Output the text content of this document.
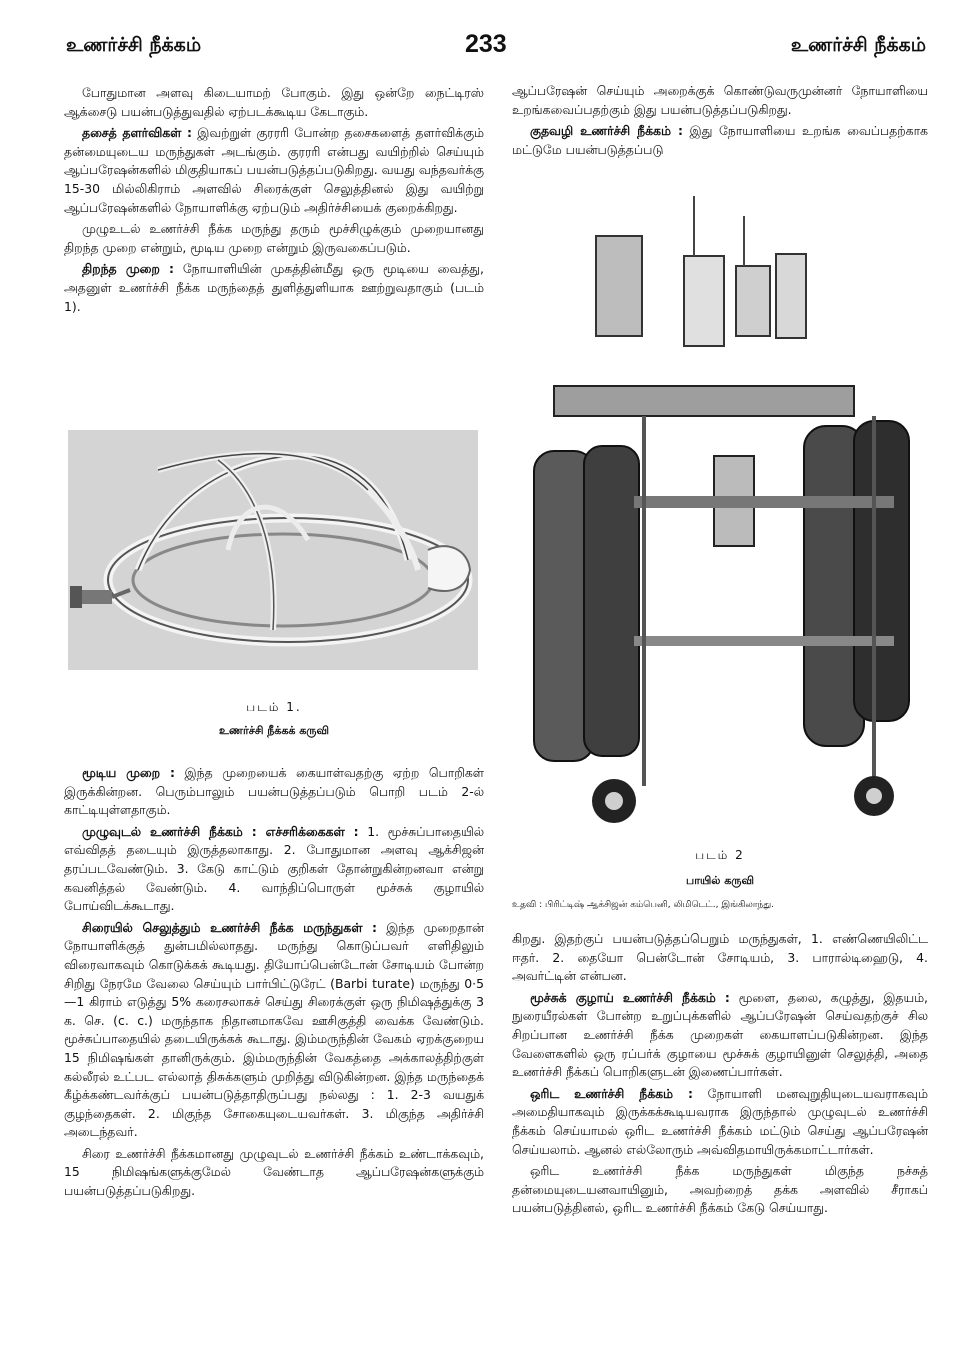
உணர்ச்சி நீக்கம்	233	உணர்ச்சி நீக்கம்

போதுமான அளவு கிடையாமற் போகும். இது ஒன்றே நைட்டிரஸ் ஆக்சைடு பயன்படுத்துவதில் ஏற்படக்கூடிய கேடாகும்.

தசைத் தளர்விகள் : இவற்றுள் குரரரி போன்ற தசைகளைத் தளர்விக்கும் தன்மையுடைய மருந்துகள் அடங்கும். குரரரி என்பது வயிற்றில் செய்யும் ஆப்பரேஷன்களில் மிகுதியாகப் பயன்படுத்தப்படுகிறது. வயது வந்தவர்க்கு 15-30 மில்லிகிராம் அளவில் சிரைக்குள் செலுத்தினல் இது வயிற்று ஆப்பரேஷன்களில் நோயாளிக்கு ஏற்படும் அதிர்ச்சியைக் குறைக்கிறது.

முழுஉடல் உணர்ச்சி நீக்க மருந்து தரும் மூச்சிழுக்கும் முறையானது திறந்த முறை என்றும், மூடிய முறை என்றும் இருவகைப்படும்.

திறந்த முறை : நோயாளியின் முகத்தின்மீது ஒரு மூடியை வைத்து, அதனுள் உணர்ச்சி நீக்க மருந்தைத் துளித்துளியாக ஊற்றுவதாகும் (படம் 1).

படம் 1.
உணர்ச்சி நீக்கக் கருவி

மூடிய முறை : இந்த முறையைக் கையாள்வதற்கு ஏற்ற பொறிகள் இருக்கின்றன. பெரும்பாலும் பயன்படுத்தப்படும் பொறி படம் 2-ல் காட்டியுள்ளதாகும்.

முழுவுடல் உணர்ச்சி நீக்கம் : எச்சரிக்கைகள் : 1. மூச்சுப்பாதையில் எவ்விதத் தடையும் இருத்தலாகாது. 2. போதுமான அளவு ஆக்சிஜன் தரப்படவேண்டும். 3. கேடு காட்டும் குறிகள் தோன்றுகின்றனவா என்று கவனித்தல் வேண்டும். 4. வாந்திப்பொருள் மூச்சுக் குழாயில் போய்விடக்கூடாது.

சிரையில் செலுத்தும் உணர்ச்சி நீக்க மருந்துகள் : இந்த முறைதான் நோயாளிக்குத் துன்பமில்லாதது. மருந்து கொடுப்பவர் எளிதிலும் விரைவாகவும் கொடுக்கக் கூடியது. தியோப்பென்டோன் சோடியம் போன்ற சிறிது நேரமே வேலை செய்யும் பார்பிட்டுரேட் (Barbi turate) மருந்து 0·5—1 கிராம் எடுத்து 5% கரைசலாகச் செய்து சிரைக்குள் ஒரு நிமிஷத்துக்கு 3 க. செ. (c. c.) மருந்தாக நிதானமாகவே ஊசிகுத்தி வைக்க வேண்டும். மூச்சுப்பாதையில் தடையிருக்கக் கூடாது. இம்மருந்தின் வேகம் ஏறக்குறைய 15 நிமிஷங்கள் தானிருக்கும். இம்மருந்தின் வேகத்தை அக்காலத்திற்குள் கல்லீரல் உட்பட எல்லாத் திசுக்களும் முறித்து விடுகின்றன. இந்த மருந்தைக் கீழ்க்கண்டவர்க்குப் பயன்படுத்தாதிருப்பது நல்லது : 1. 2-3 வயதுக் குழந்தைகள். 2. மிகுந்த சோகையுடையவர்கள். 3. மிகுந்த அதிர்ச்சி அடைந்தவர்.

சிரை உணர்ச்சி நீக்கமானது முழுவுடல் உணர்ச்சி நீக்கம் உண்டாக்கவும், 15 நிமிஷங்களுக்குமேல் வேண்டாத ஆப்பரேஷன்களுக்கும் பயன்படுத்தப்படுகிறது.

ஆப்பரேஷன் செய்யும் அறைக்குக் கொண்டுவருமுன்னர் நோயாளியை உறங்கவைப்பதற்கும் இது பயன்படுத்தப்படுகிறது.

குதவழி உணர்ச்சி நீக்கம் : இது நோயாளியை உறங்க வைப்பதற்காக மட்டுமே பயன்படுத்தப்படு

படம் 2
பாயில் கருவி
உதவி : பிரிட்டிஷ் ஆக்சிஜன் கம்பெனி, லிமிடெட்., இங்கிலாந்து.

கிறது. இதற்குப் பயன்படுத்தப்பெறும் மருந்துகள், 1. எண்ணெயிலிட்ட ஈதர். 2. தையோ பென்டோன் சோடியம், 3. பாரால்டிஹைடு, 4. அவர்ட்டின் என்பன.

மூச்சுக் குழாய் உணர்ச்சி நீக்கம் : மூளை, தலை, கழுத்து, இதயம், நுரையீரல்கள் போன்ற உறுப்புக்களில் ஆப்பரேஷன் செய்வதற்குச் சில சிறப்பான உணர்ச்சி நீக்க முறைகள் கையாளப்படுகின்றன. இந்த வேளைகளில் ஒரு ரப்பர்க் குழாயை மூச்சுக் குழாயினுள் செலுத்தி, அதை உணர்ச்சி நீக்கப் பொறிகளுடன் இணைப்பார்கள்.

ஒரிட உணர்ச்சி நீக்கம் : நோயாளி மனவுறுதியுடையவராகவும் அமைதியாகவும் இருக்கக்கூடியவராக இருந்தால் முழுவுடல் உணர்ச்சி நீக்கம் செய்யாமல் ஒரிட உணர்ச்சி நீக்கம் மட்டும் செய்து ஆப்பரேஷன் செய்யலாம். ஆனல் எல்லோரும் அவ்விதமாயிருக்கமாட்டார்கள்.

ஒரிட உணர்ச்சி நீக்க மருந்துகள் மிகுந்த நச்சுத் தன்மையுடையனவாயினும், அவற்றைத் தக்க அளவில் சீராகப் பயன்படுத்தினல், ஒரிட உணர்ச்சி நீக்கம் கேடு செய்யாது.
